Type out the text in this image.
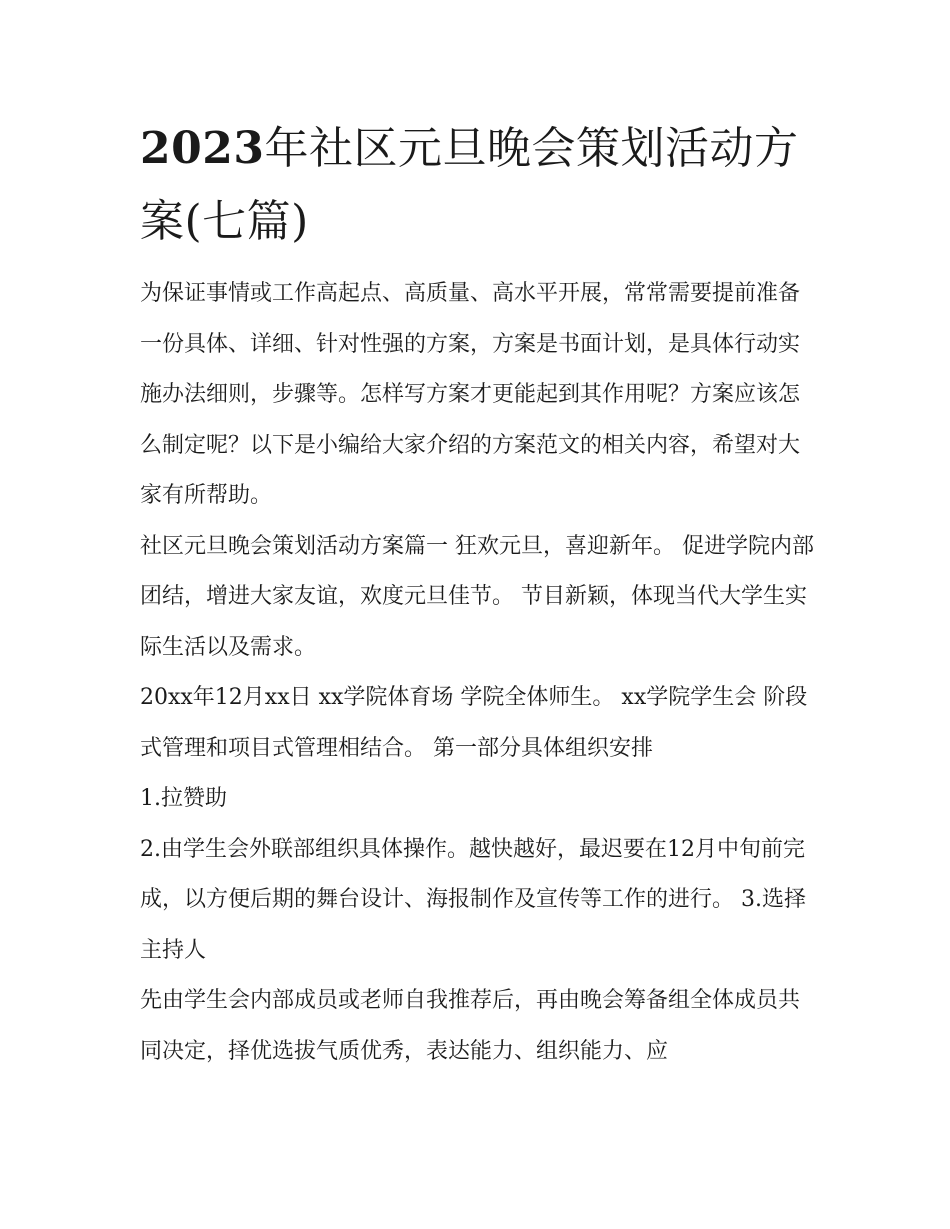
2023年社区元旦晚会策划活动方案(七篇)

为保证事情或工作高起点、高质量、高水平开展，常常需要提前准备一份具体、详细、针对性强的方案，方案是书面计划，是具体行动实施办法细则，步骤等。怎样写方案才更能起到其作用呢？方案应该怎么制定呢？以下是小编给大家介绍的方案范文的相关内容，希望对大家有所帮助。

社区元旦晚会策划活动方案篇一 狂欢元旦，喜迎新年。 促进学院内部团结，增进大家友谊，欢度元旦佳节。 节目新颖，体现当代大学生实际生活以及需求。

20xx年12月xx日 xx学院体育场 学院全体师生。 xx学院学生会 阶段式管理和项目式管理相结合。 第一部分具体组织安排

1.拉赞助

2.由学生会外联部组织具体操作。越快越好，最迟要在12月中旬前完成，以方便后期的舞台设计、海报制作及宣传等工作的进行。 3.选择主持人

先由学生会内部成员或老师自我推荐后，再由晚会筹备组全体成员共同决定，择优选拔气质优秀，表达能力、组织能力、应
